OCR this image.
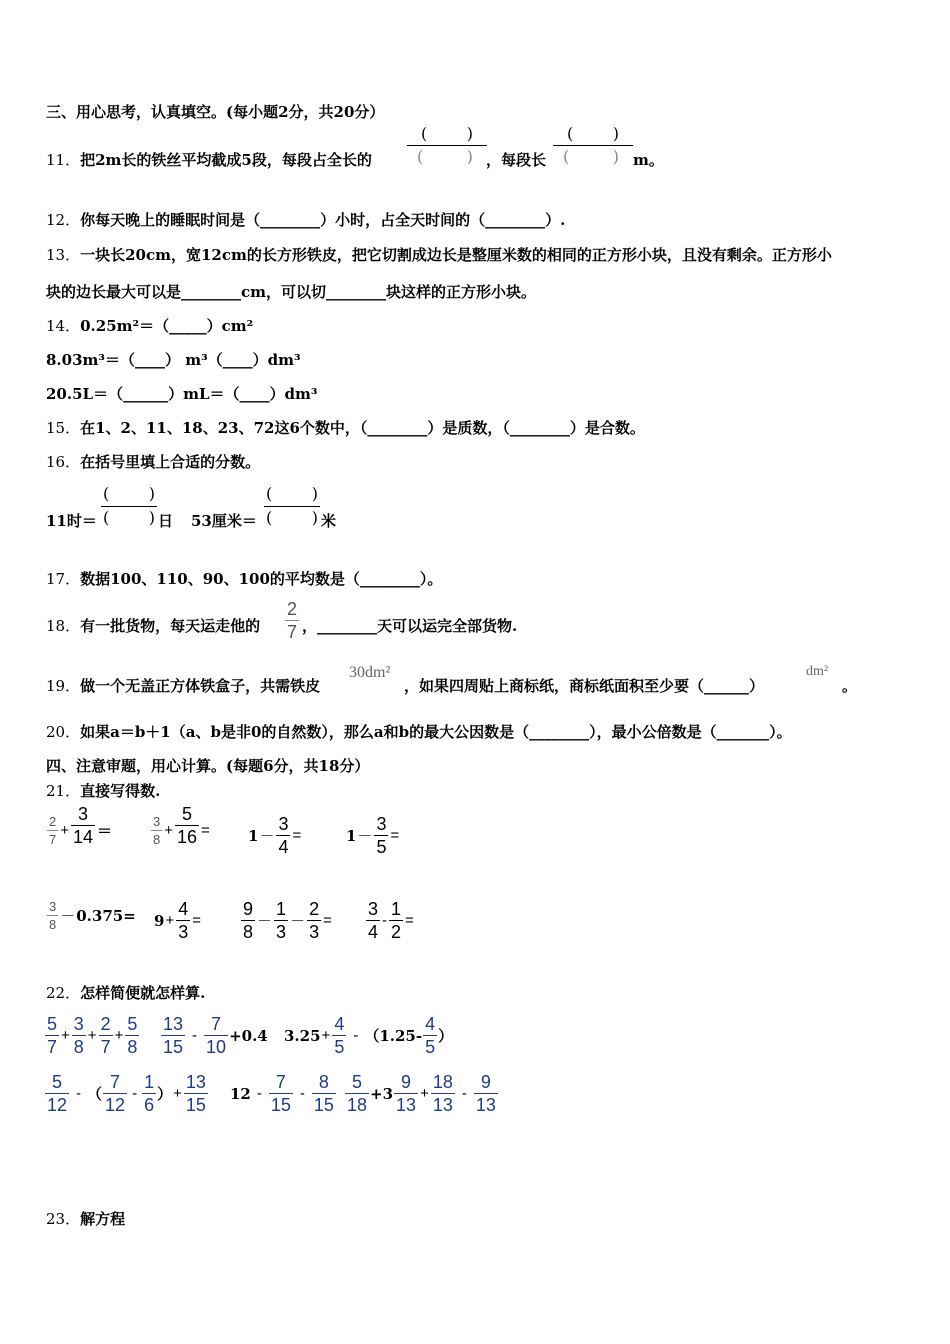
三、用心思考，认真填空。(每小题2分，共20分）
11．把2m长的铁丝平均截成5段，每段占全长的
( )
(	) ，每段长
( )
(	) m。
12．你每天晚上的睡眠时间是（________）小时，占全天时间的（________）.
13．一块长20cm，宽12cm的长方形铁皮，把它切割成边长是整厘米数的相同的正方形小块，且没有剩余。正方形小
块的边长最大可以是________cm，可以切________块这样的正方形小块。
14．0.25m²＝（_____）cm²
8.03m³＝（____） m³（____）dm³
20.5L＝（______）mL＝（____）dm³
15．在1、2、11、18、23、72这6个数中，（________）是质数，（________）是合数。
16．在括号里填上合适的分数。
11时＝
( )
( ) 日 53厘米＝
( )
( ) 米
17．数据100、110、90、100的平均数是（________）。
18．有一批货物，每天运走他的 $\frac{2}{7}$ ，________天可以运完全部货物.
19．做一个无盖正方体铁盒子，共需铁皮
30dm²
，如果四周贴上商标纸，商标纸面积至少要（______）
dm²
。
20．如果a＝b＋1（a、b是非0的自然数），那么a和b的最大公因数是（________），最小公倍数是（_______）。
四、注意审题，用心计算。(每题6分，共18分）
21．直接写得数.
2
7
+ $\frac{3}{14}$ ＝
3
8
+ $\frac{5}{16}$ =	$1 - \frac{3}{4}$ =	$1 - \frac{3}{5}$ =
3
$8 - 0.375 = 9 + \frac{4}{3}$ =
9
8
－
1
3
－ $\frac{2}{3}$ =
3
4
- $\frac{1}{2}$ =
22．怎样简便就怎样算.
5
7
+ $\frac{3}{8} + \frac{2}{7} + \frac{5}{8} 13$
15
-
7
10
+0.4 $3.25 + \frac{4}{5} - (1.25-$
4
5
）
5
12
- （
7
12
-
1
6
） + $\frac{13}{15} 12$ -
7
15
-
8
15
5
18
+3
9
13
+ $\frac{18}{13}$ -
9
13
23．解方程
